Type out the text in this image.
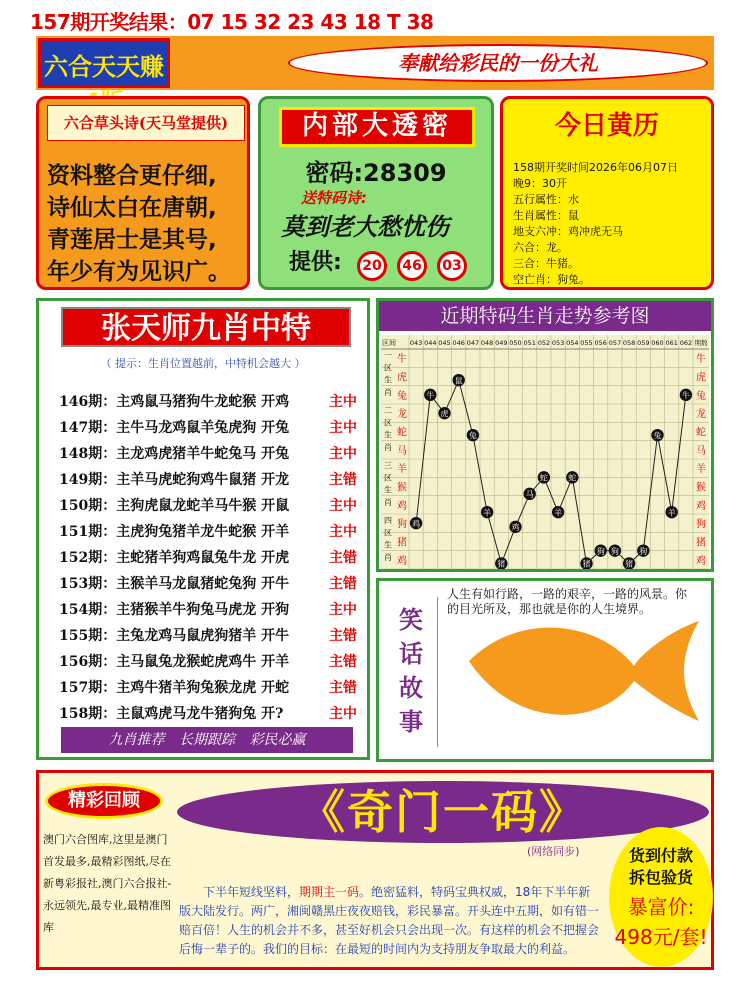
157期开奖结果：07 15 32 23 43 18 T 38
六合天天赚	奉献给彩民的一份大礼
六合草头诗(天马堂提供)
资料整合更仔细,
诗仙太白在唐朝,
青莲居士是其号,
年少有为见识广。
内部大透密
密码:28309
送特码诗:
莫到老大愁忧伤
提供:	20	46	03
今日黄历
158期开奖时间2026年06月07日
晚9：30开
五行属性：水
生肖属性：鼠
地支六冲：鸡冲虎无马
六合：龙。
三合：牛猪。
空亡肖：狗兔。
张天师九肖中特
（ 提示：生肖位置越前，中特机会越大 ）
146期：主鸡鼠马猪狗牛龙蛇猴 开鸡	主中
147期：主牛马龙鸡鼠羊兔虎狗 开兔	主中
148期：主龙鸡虎猪羊牛蛇兔马 开兔	主中
149期：主羊马虎蛇狗鸡牛鼠猪 开龙	主错
150期：主狗虎鼠龙蛇羊马牛猴 开鼠	主中
151期：主虎狗兔猪羊龙牛蛇猴 开羊	主中
152期：主蛇猪羊狗鸡鼠兔牛龙 开虎	主错
153期：主猴羊马龙鼠猪蛇兔狗 开牛	主错
154期：主猪猴羊牛狗兔马虎龙 开狗	主中
155期：主兔龙鸡马鼠虎狗猪羊 开牛	主错
156期：主马鼠兔龙猴蛇虎鸡牛 开羊	主错
157期：主鸡牛猪羊狗兔猴龙虎 开蛇	主错
158期：主鼠鸡虎马龙牛猪狗兔 开?	主中
九肖推荐 长期跟踪 彩民必赢
近期特码生肖走势参考图
区间 043 044 045 046 047 048 049 050 051 052 053 054 055 056 057 058 059 060 061 062 期数
一
区
生
肖
二
区
生
肖
三
区
生
肖
四
区
生
肖
牛	牛
虎	虎
兔	兔
龙	龙
蛇	蛇
马	马
羊	羊
猴	猴
鸡	鸡
狗	狗
猪	猪
鸡	鸡
鸡
牛
虎
鼠
兔
羊
猪
鸡
马
蛇
羊
蛇
猪
狗 狗
猪
狗
兔
羊
牛
笑话故事
人生有如行路，一路的艰辛，一路的风景。你的目光所及，那也就是你的人生境界。
精彩回顾
澳门六合图库,这里是澳门首发最多,最精彩图纸,尽在新粤彩报社,澳门六合报社-永远领先,最专业,最精准图库
《奇门一码》
(网络同步)
下半年短线坚料，期期主一码。绝密猛料，特码宝典权威，18年下半年新版大陆发行。两广，湘闽赣黑庄夜夜赔钱，彩民暴富。开头连中五期，如有错一赔百倍！人生的机会并不多，甚至好机会只会出现一次。有这样的机会不把握会后悔一辈子的。我们的目标：在最短的时间内为支持朋友争取最大的利益。
货到付款
拆包验货
暴富价:
498元/套!
